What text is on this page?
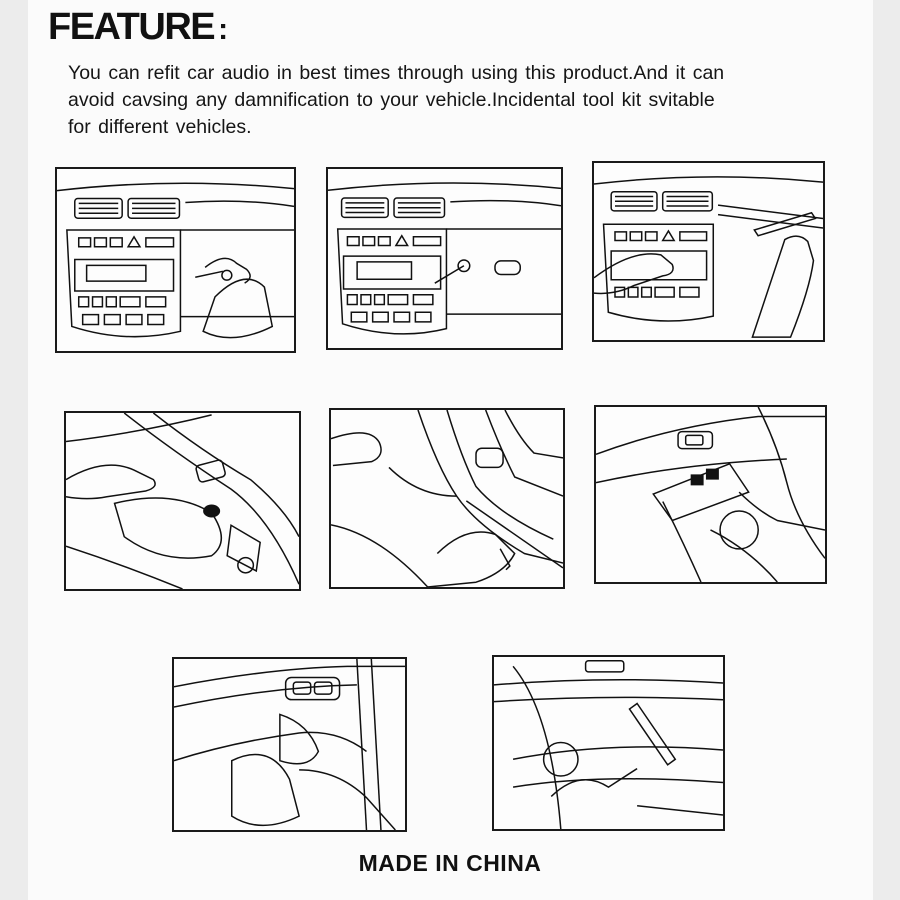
FEATURE :
You can refit car audio in best times through using this product.And it can
avoid cavsing any damnification to your vehicle.Incidental tool kit svitable
for different vehicles.
MADE IN CHINA
